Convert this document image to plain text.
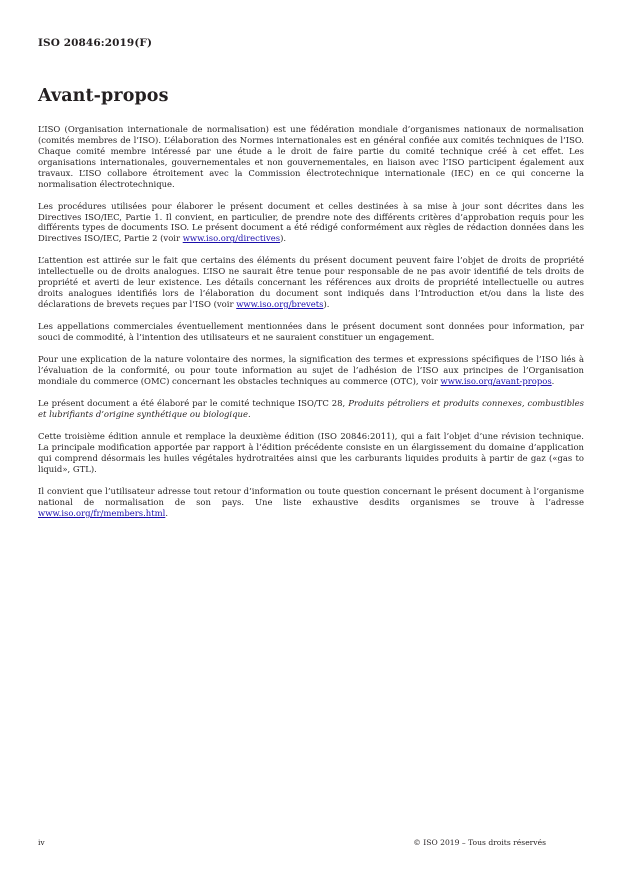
ISO 20846:2019(F)
Avant-propos

L’ISO (Organisation internationale de normalisation) est une fédération mondiale d’organismes nationaux de normalisation (comités membres de l’ISO). L’élaboration des Normes internationales est en général confiée aux comités techniques de l’ISO. Chaque comité membre intéressé par une étude a le droit de faire partie du comité technique créé à cet effet. Les organisations internationales, gouvernementales et non gouvernementales, en liaison avec l’ISO participent également aux travaux. L’ISO collabore étroitement avec la Commission électrotechnique internationale (IEC) en ce qui concerne la normalisation électrotechnique.

Les procédures utilisées pour élaborer le présent document et celles destinées à sa mise à jour sont décrites dans les Directives ISO/IEC, Partie 1. Il convient, en particulier, de prendre note des différents critères d’approbation requis pour les différents types de documents ISO. Le présent document a été rédigé conformément aux règles de rédaction données dans les Directives ISO/IEC, Partie 2 (voir www.iso.org/directives).

L’attention est attirée sur le fait que certains des éléments du présent document peuvent faire l’objet de droits de propriété intellectuelle ou de droits analogues. L’ISO ne saurait être tenue pour responsable de ne pas avoir identifié de tels droits de propriété et averti de leur existence. Les détails concernant les références aux droits de propriété intellectuelle ou autres droits analogues identifiés lors de l’élaboration du document sont indiqués dans l’Introduction et/ou dans la liste des déclarations de brevets reçues par l’ISO (voir www.iso.org/brevets).

Les appellations commerciales éventuellement mentionnées dans le présent document sont données pour information, par souci de commodité, à l’intention des utilisateurs et ne sauraient constituer un engagement.

Pour une explication de la nature volontaire des normes, la signification des termes et expressions spécifiques de l’ISO liés à l’évaluation de la conformité, ou pour toute information au sujet de l’adhésion de l’ISO aux principes de l’Organisation mondiale du commerce (OMC) concernant les obstacles techniques au commerce (OTC), voir www.iso.org/avant-propos.

Le présent document a été élaboré par le comité technique ISO/TC 28, Produits pétroliers et produits connexes, combustibles et lubrifiants d’origine synthétique ou biologique.

Cette troisième édition annule et remplace la deuxième édition (ISO 20846:2011), qui a fait l’objet d’une révision technique. La principale modification apportée par rapport à l’édition précédente consiste en un élargissement du domaine d’application qui comprend désormais les huiles végétales hydrotraitées ainsi que les carburants liquides produits à partir de gaz («gas to liquid», GTL).

Il convient que l’utilisateur adresse tout retour d’information ou toute question concernant le présent document à l’organisme national de normalisation de son pays. Une liste exhaustive desdits organismes se trouve à l’adresse www.iso.org/fr/members.html.

iv	© ISO 2019 – Tous droits réservés
